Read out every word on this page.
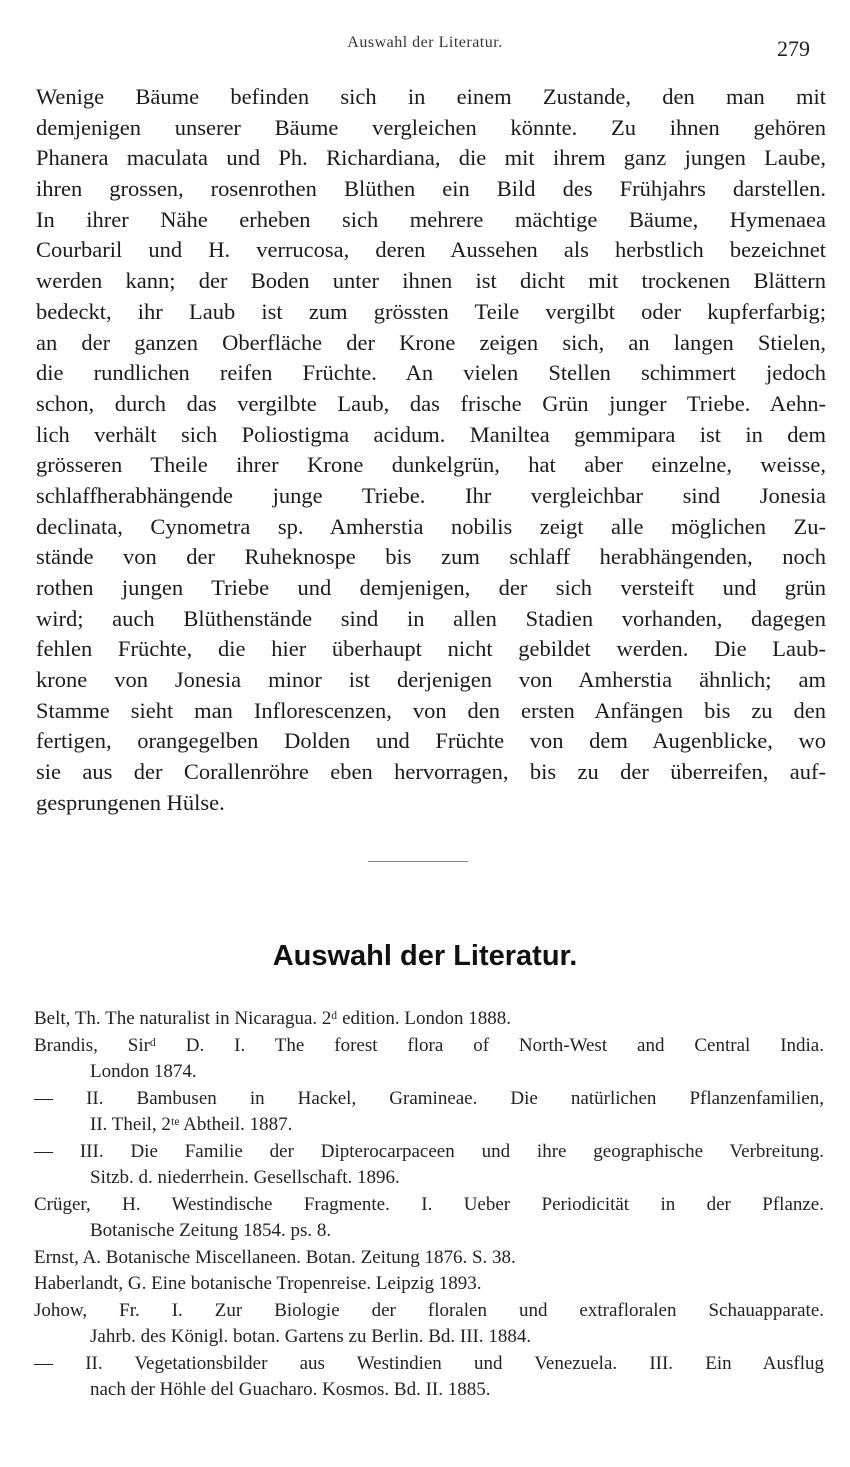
Auswahl der Literatur.	279
Wenige Bäume befinden sich in einem Zustande, den man mit
demjenigen unserer Bäume vergleichen könnte. Zu ihnen gehören
Phanera maculata und Ph. Richardiana, die mit ihrem ganz jungen Laube,
ihren grossen, rosenrothen Blüthen ein Bild des Frühjahrs darstellen.
In ihrer Nähe erheben sich mehrere mächtige Bäume, Hymenaea
Courbaril und H. verrucosa, deren Aussehen als herbstlich bezeichnet
werden kann; der Boden unter ihnen ist dicht mit trockenen Blättern
bedeckt, ihr Laub ist zum grössten Teile vergilbt oder kupferfarbig;
an der ganzen Oberfläche der Krone zeigen sich, an langen Stielen,
die rundlichen reifen Früchte. An vielen Stellen schimmert jedoch
schon, durch das vergilbte Laub, das frische Grün junger Triebe. Aehn-
lich verhält sich Poliostigma acidum. Maniltea gemmipara ist in dem
grösseren Theile ihrer Krone dunkelgrün, hat aber einzelne, weisse,
schlaffherabhängende junge Triebe. Ihr vergleichbar sind Jonesia
declinata, Cynometra sp. Amherstia nobilis zeigt alle möglichen Zu-
stände von der Ruheknospe bis zum schlaff herabhängenden, noch
rothen jungen Triebe und demjenigen, der sich versteift und grün
wird; auch Blüthenstände sind in allen Stadien vorhanden, dagegen
fehlen Früchte, die hier überhaupt nicht gebildet werden. Die Laub-
krone von Jonesia minor ist derjenigen von Amherstia ähnlich; am
Stamme sieht man Inflorescenzen, von den ersten Anfängen bis zu den
fertigen, orangegelben Dolden und Früchte von dem Augenblicke, wo
sie aus der Corallenröhre eben hervorragen, bis zu der überreifen, auf-
gesprungenen Hülse.
Auswahl der Literatur.
Belt, Th. The naturalist in Nicaragua. 2ᵈ edition. London 1888.
Brandis, Sirᵈ D. I. The forest flora of North-West and Central India.
London 1874.
— II. Bambusen in Hackel, Gramineae. Die natürlichen Pflanzenfamilien,
II. Theil, 2ᵗᵉ Abtheil. 1887.
— III. Die Familie der Dipterocarpaceen und ihre geographische Verbreitung.
Sitzb. d. niederrhein. Gesellschaft. 1896.
Crüger, H. Westindische Fragmente. I. Ueber Periodicität in der Pflanze.
Botanische Zeitung 1854. ps. 8.
Ernst, A. Botanische Miscellaneen. Botan. Zeitung 1876. S. 38.
Haberlandt, G. Eine botanische Tropenreise. Leipzig 1893.
Johow, Fr. I. Zur Biologie der floralen und extrafloralen Schauapparate.
Jahrb. des Königl. botan. Gartens zu Berlin. Bd. III. 1884.
— II. Vegetationsbilder aus Westindien und Venezuela. III. Ein Ausflug
nach der Höhle del Guacharo. Kosmos. Bd. II. 1885.
